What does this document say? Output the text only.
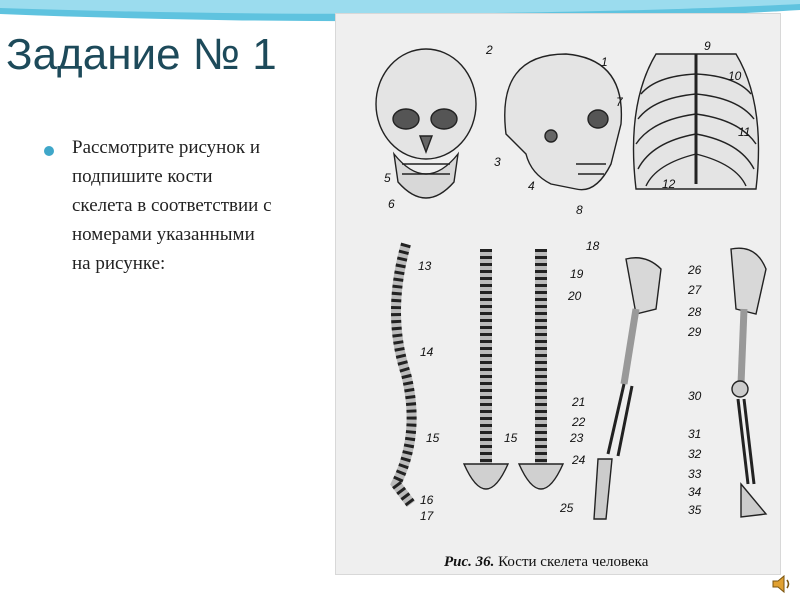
Задание № 1
Рассмотрите рисунок и подпишите кости скелета в соответствии с номерами указанными на рисунке:
2
1
9
10
7
11
3
5	12
4
6	8
18
13	26
19
27
20
28
29
14
30
21
22
15	15	23	31
32
24
33
16
34
25	35
17
Рис. 36. Кости скелета человека
